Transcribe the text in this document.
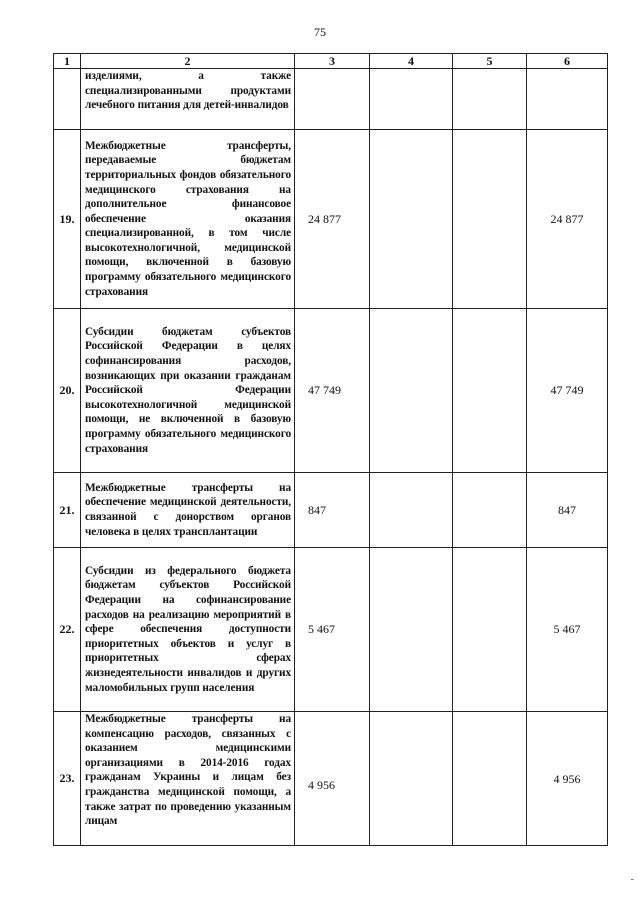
75
1	2	3	4	5	6
	изделиями, а также специализированными продуктами лечебного питания для детей-инвалидов				
19.	Межбюджетные трансферты, передаваемые бюджетам территориальных фондов обязательного медицинского страхования на дополнительное финансовое обеспечение оказания специализированной, в том числе высокотехнологичной, медицинской помощи, включенной в базовую программу обязательного медицинского страхования	24 877			24 877
20.	Субсидии бюджетам субъектов Российской Федерации в целях софинансирования расходов, возникающих при оказании гражданам Российской Федерации высокотехнологичной медицинской помощи, не включенной в базовую программу обязательного медицинского страхования	47 749			47 749
21.	Межбюджетные трансферты на обеспечение медицинской деятельности, связанной с донорством органов человека в целях трансплантации	847			847
22.	Субсидии из федерального бюджета бюджетам субъектов Российской Федерации на софинансирование расходов на реализацию мероприятий в сфере обеспечения доступности приоритетных объектов и услуг в приоритетных сферах жизнедеятельности инвалидов и других маломобильных групп населения	5 467			5 467
23.	Межбюджетные трансферты на компенсацию расходов, связанных с оказанием медицинскими организациями в 2014-2016 годах гражданам Украины и лицам без гражданства медицинской помощи, а также затрат по проведению указанным лицам	4 956			4 956
-
